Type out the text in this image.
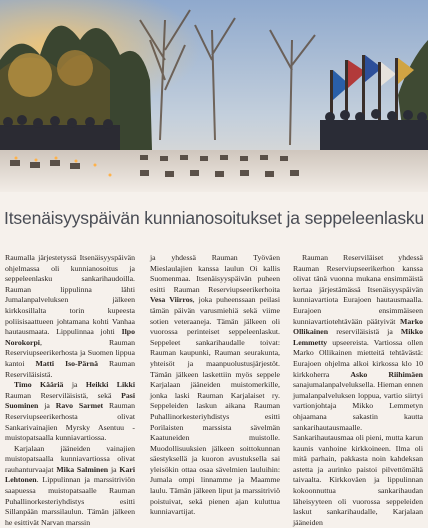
Itsenäisyyspäivän kunnianosoitukset ja seppeleenlasku

Raumalla järjestetyssä Itsenäisyyspäivän ohjelmassa oli kunnianosoitus ja seppeleenlasku sankarihaudoilla. Rauman lippulinna lähti Jumalanpalveluksen jälkeen kirkkosillalta torin kupeesta poliisisaattueen johtamana kohti Vanhaa hautausmaata. Lippulinnaa johti Ilpo Norokorpi, Rauman Reserviupseerikerhosta ja Suomen lippua kantoi Matti Iso-Pärnä Rauman Reserviläisistä.

Timo Kääriä ja Heikki Likki Rauman Reserviläisistä, sekä Pasi Suominen ja Ravo Sarmet Rauman Reserviupseerikerhosta olivat Sankarivainajien Myrsky Asentuu - muistopatsaalla kunniavartiossa.

Karjalaan jääneiden vainajien muistopatsaalla kunniavartiossa olivat rauhanturvaajat Mika Salminen ja Kari Lehtonen. Lippulinnan ja marssitriviön saapuessa muistopatsaalle Rauman Puhallinorkesteriyhdistys esitti Sillanpään marssilaulun. Tämän jälkeen he esittivät Narvan marssin

ja yhdessä Rauman Työväen Mieslaulajien kanssa laulun Oi kallis Suomenmaa. Itsenäisyyspäivän puheen esitti Rauman Reserviupseerikerhoita Vesa Viirros, joka puheenssaan peilasi tämän päivän varusmiehiä sekä viime sotien veteraaneja. Tämän jälkeen oli vuorossa perinteiset seppeleenlaskut. Seppeleet sankarihaudalle toivat: Rauman kaupunki, Rauman seurakunta, yhteisöt ja maanpuolustusjärjestöt. Tämän jälkeen laskettiin myös seppele Karjalaan jääneiden muistomerkille, jonka laski Rauman Karjalaiset ry. Seppeleiden laskun aikana Rauman Puhallinorkesteriyhdistys esitti Porilaisten marssista sävelmän Kaatuneiden muistolle. Muodollisuuksien jälkeen soittokunnan säestyksellä ja kuoron avustuksella sai yleisökin ottaa osaa sävelmien lauluihin: Jumala ompi linnamme ja Maamme laulu. Tämän jälkeen liput ja marssitriviö poistuivat, sekä pienen ajan kuluttua kunniavartijat.

Rauman Reserviläiset yhdessä Rauman Reserviupseerikerhon kanssa olivat tänä vuonna mukana ensimmäistä kertaa järjestämässä Itsenäisyyspäivän kunniavartiota Eurajoen hautausmaalla. Eurajoen ensimmäiseen kunniavartiotehtävään päätyivät Marko Ollikainen reserviläisistä ja Mikko Lemmetty upseereista. Vartiossa ollen Marko Ollikainen mietteitä tehtävästä: Eurajoen ohjelma alkoi kirkossa klo 10 kirkkoherra Asko Riihimäen sanajumalanpalveluksella. Hieman ennen jumalanpalveluksen loppua, vartio siirtyi vartionjohtaja Mikko Lemmetyn ohjaamana sakastin kautta sankarihautausmaalle. Sankarihautausmaa oli pieni, mutta karun kaunis vanhoine kirkkoineen. Ilma oli mitä parhain, pakkasta noin kahdeksan astetta ja aurinko paistoi pilvettömältä taivaalta. Kirkkoväen ja lippulinnan kokoonnuttua sankarihaudan läheisyyteen oli vuorossa seppeleiden laskut sankarihaudalle, Karjalaan jääneiden
